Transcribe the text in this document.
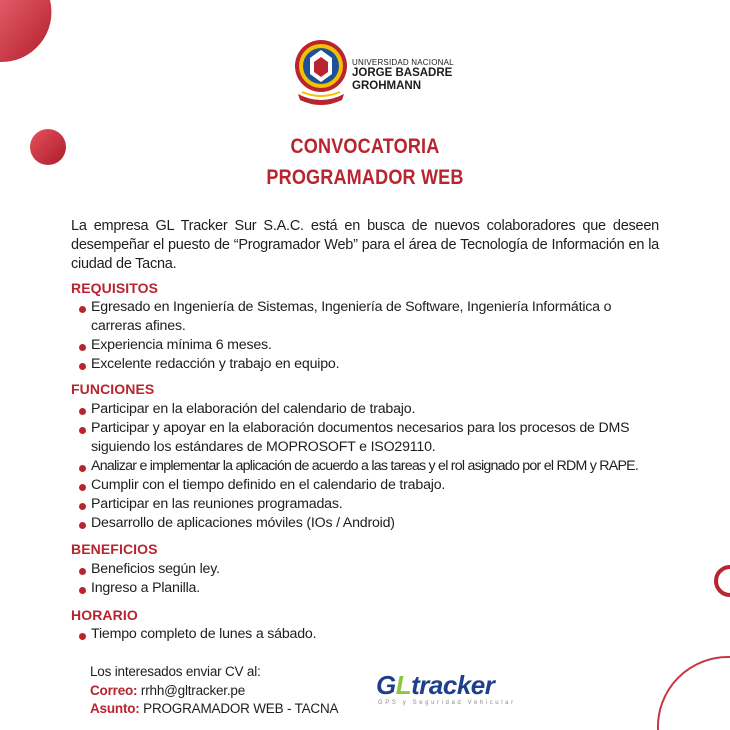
UNIVERSIDAD NACIONAL
JORGE BASADRE
GROHMANN
CONVOCATORIA
PROGRAMADOR WEB
La empresa GL Tracker Sur S.A.C. está en busca de nuevos colaboradores que deseen desempeñar el puesto de “Programador Web” para el área de Tecnología de Información en la ciudad de Tacna.
REQUISITOS
Egresado en Ingeniería de Sistemas, Ingeniería de Software, Ingeniería Informática o carreras afines.
Experiencia mínima 6 meses.
Excelente redacción y trabajo en equipo.
FUNCIONES
Participar en la elaboración del calendario de trabajo.
Participar y apoyar en la elaboración documentos necesarios para los procesos de DMS siguiendo los estándares de MOPROSOFT e ISO29110.
Analizar e implementar la aplicación de acuerdo a las tareas y el rol asignado por el RDM y RAPE.
Cumplir con el tiempo definido en el calendario de trabajo.
Participar en las reuniones programadas.
Desarrollo de aplicaciones móviles (IOs / Android)
BENEFICIOS
Beneficios según ley.
Ingreso a Planilla.
HORARIO
Tiempo completo de lunes a sábado.
Los interesados enviar CV al:
Correo: rrhh@gltracker.pe
Asunto: PROGRAMADOR WEB - TACNA
GLtracker
GPS y Seguridad Vehicular
